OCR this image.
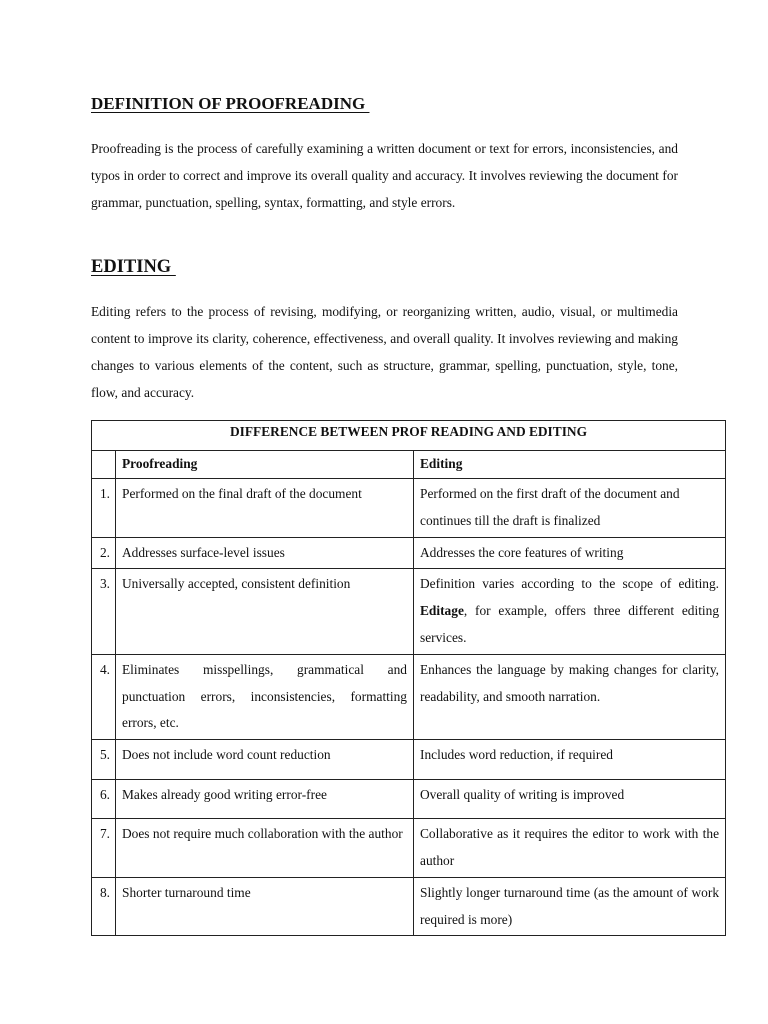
DEFINITION OF PROOFREADING

Proofreading is the process of carefully examining a written document or text for errors, inconsistencies, and typos in order to correct and improve its overall quality and accuracy. It involves reviewing the document for grammar, punctuation, spelling, syntax, formatting, and style errors.

EDITING

Editing refers to the process of revising, modifying, or reorganizing written, audio, visual, or multimedia content to improve its clarity, coherence, effectiveness, and overall quality. It involves reviewing and making changes to various elements of the content, such as structure, grammar, spelling, punctuation, style, tone, flow, and accuracy.

DIFFERENCE BETWEEN PROF READING AND EDITING		
	Proofreading	Editing
1.	Performed on the final draft of the document	Performed on the first draft of the document and continues till the draft is finalized
2.	Addresses surface-level issues	Addresses the core features of writing
3.	Universally accepted, consistent definition	Definition varies according to the scope of editing. Editage, for example, offers three different editing services.
4.	Eliminates misspellings, grammatical and punctuation errors, inconsistencies, formatting errors, etc.	Enhances the language by making changes for clarity, readability, and smooth narration.
5.	Does not include word count reduction	Includes word reduction, if required
6.	Makes already good writing error-free	Overall quality of writing is improved
7.	Does not require much collaboration with the author	Collaborative as it requires the editor to work with the author
8.	Shorter turnaround time	Slightly longer turnaround time (as the amount of work required is more)
